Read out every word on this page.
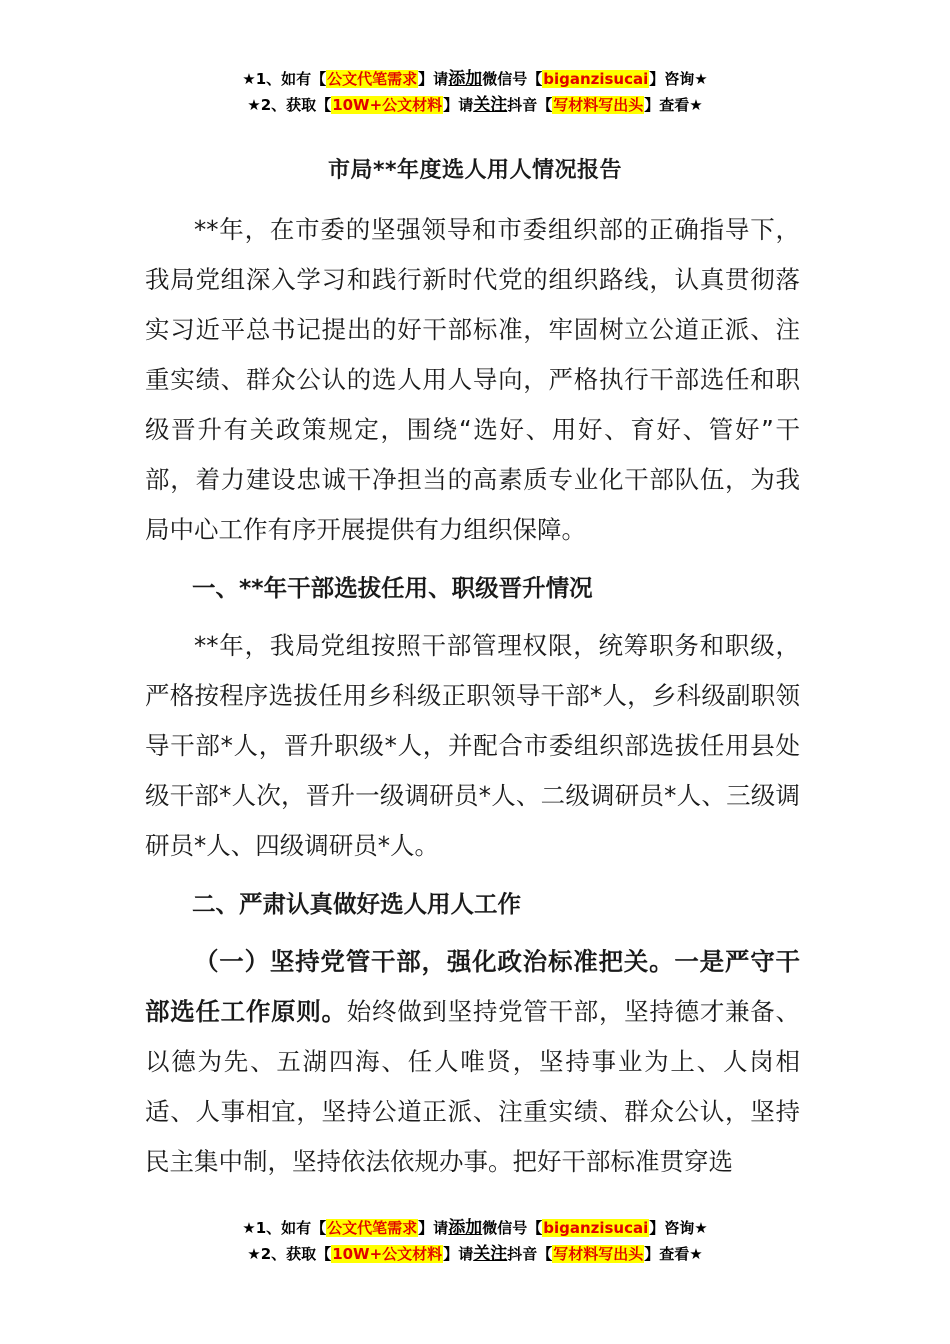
★1、如有【公文代笔需求】请添加微信号【biganzisucai】咨询★
★2、获取【10W+公文材料】请关注抖音【写材料写出头】查看★
市局**年度选人用人情况报告

**年，在市委的坚强领导和市委组织部的正确指导下，我局党组深入学习和践行新时代党的组织路线，认真贯彻落实习近平总书记提出的好干部标准，牢固树立公道正派、注重实绩、群众公认的选人用人导向，严格执行干部选任和职级晋升有关政策规定，围绕“选好、用好、育好、管好”干部，着力建设忠诚干净担当的高素质专业化干部队伍，为我局中心工作有序开展提供有力组织保障。

一、**年干部选拔任用、职级晋升情况

**年，我局党组按照干部管理权限，统筹职务和职级，严格按程序选拔任用乡科级正职领导干部*人，乡科级副职领导干部*人，晋升职级*人，并配合市委组织部选拔任用县处级干部*人次，晋升一级调研员*人、二级调研员*人、三级调研员*人、四级调研员*人。

二、严肃认真做好选人用人工作

（一）坚持党管干部，强化政治标准把关。一是严守干部选任工作原则。始终做到坚持党管干部，坚持德才兼备、以德为先、五湖四海、任人唯贤，坚持事业为上、人岗相适、人事相宜，坚持公道正派、注重实绩、群众公认，坚持民主集中制，坚持依法依规办事。把好干部标准贯穿选

★1、如有【公文代笔需求】请添加微信号【biganzisucai】咨询★
★2、获取【10W+公文材料】请关注抖音【写材料写出头】查看★
